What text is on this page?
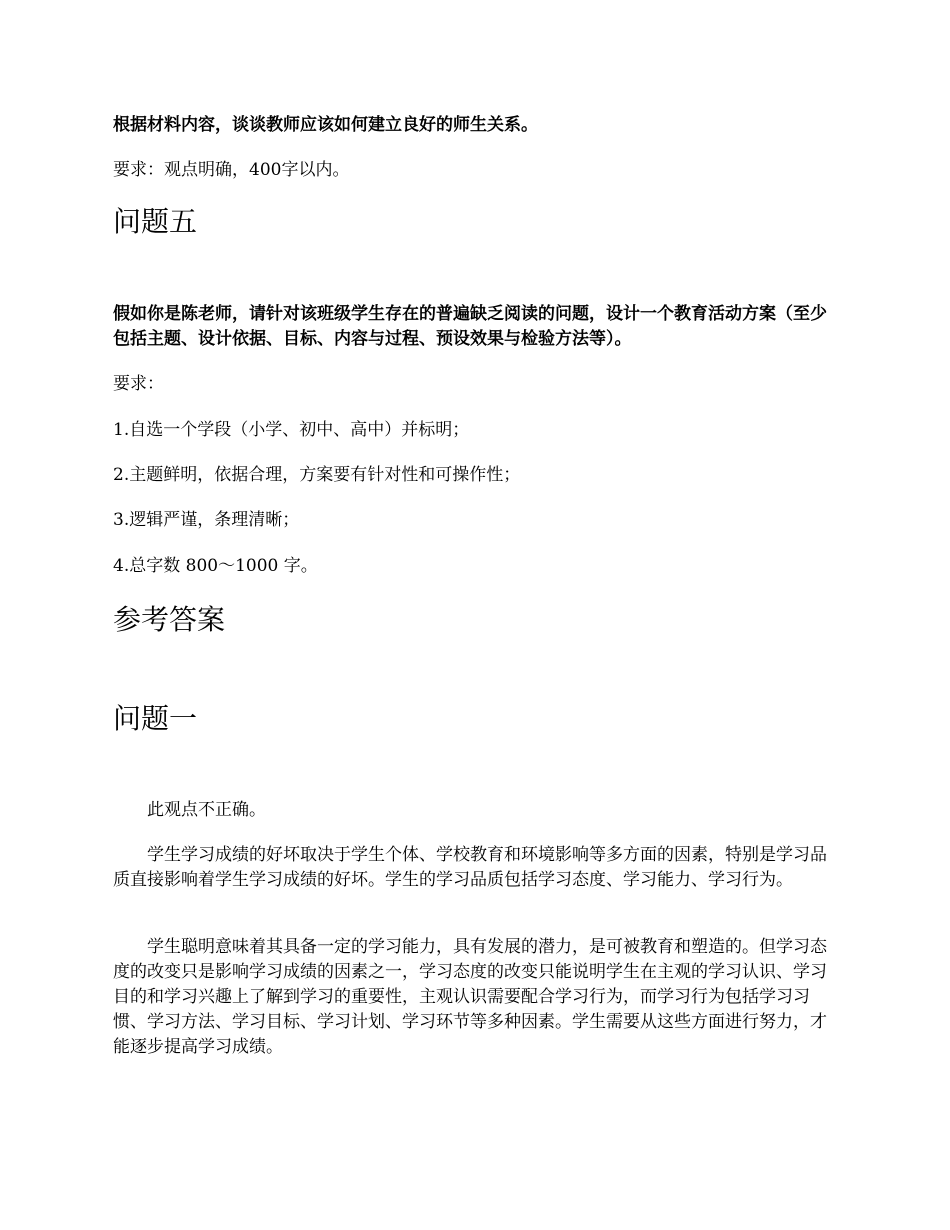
根据材料内容，谈谈教师应该如何建立良好的师生关系。

要求：观点明确，400字以内。

问题五

假如你是陈老师，请针对该班级学生存在的普遍缺乏阅读的问题，设计一个教育活动方案（至少包括主题、设计依据、目标、内容与过程、预设效果与检验方法等）。

要求：

1.自选一个学段（小学、初中、高中）并标明；

2.主题鲜明，依据合理，方案要有针对性和可操作性；

3.逻辑严谨，条理清晰；

4.总字数 800～1000 字。

参考答案
问题一

此观点不正确。

学生学习成绩的好坏取决于学生个体、学校教育和环境影响等多方面的因素，特别是学习品质直接影响着学生学习成绩的好坏。学生的学习品质包括学习态度、学习能力、学习行为。

学生聪明意味着其具备一定的学习能力，具有发展的潜力，是可被教育和塑造的。但学习态度的改变只是影响学习成绩的因素之一，学习态度的改变只能说明学生在主观的学习认识、学习目的和学习兴趣上了解到学习的重要性，主观认识需要配合学习行为，而学习行为包括学习习惯、学习方法、学习目标、学习计划、学习环节等多种因素。学生需要从这些方面进行努力，才能逐步提高学习成绩。
